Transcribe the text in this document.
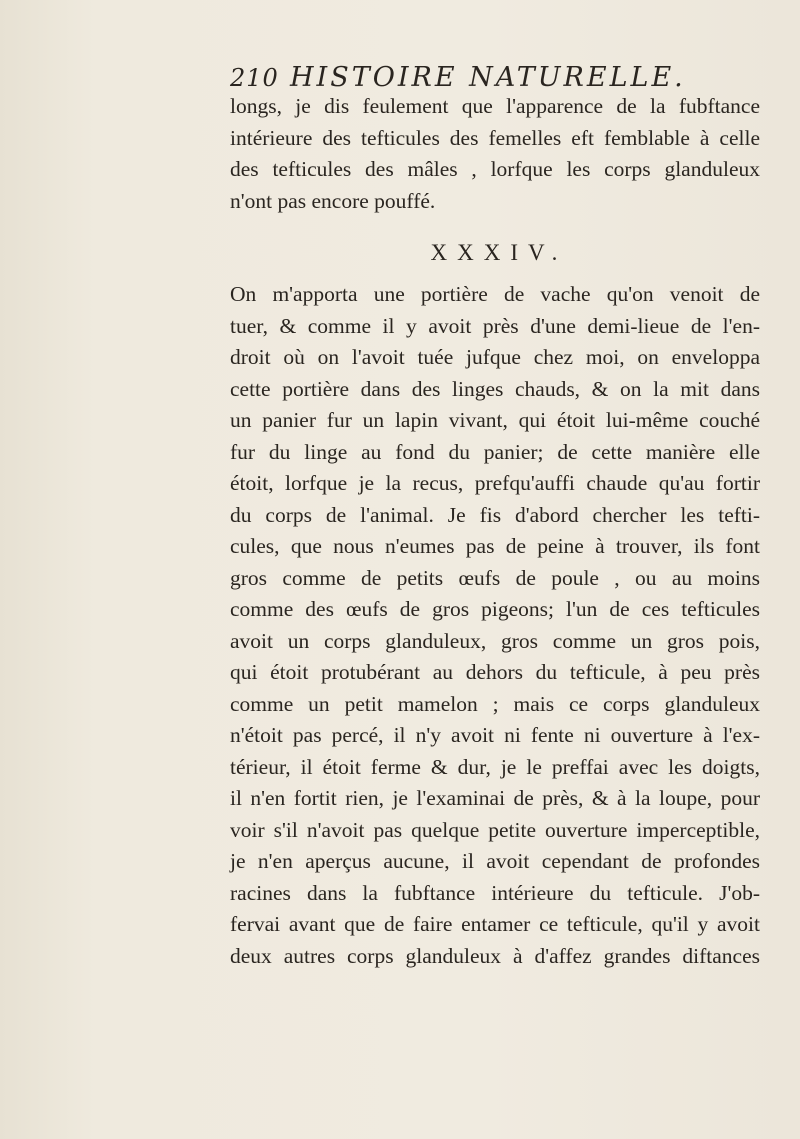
210 HISTOIRE NATURELLE.
longs, je dis feulement que l'apparence de la fubftance
intérieure des tefticules des femelles eft femblable à celle
des tefticules des mâles , lorfque les corps glanduleux
n'ont pas encore pouffé.
XXXIV.
On m'apporta une portière de vache qu'on venoit de
tuer, & comme il y avoit près d'une demi-lieue de l'en-
droit où on l'avoit tuée jufque chez moi, on enveloppa
cette portière dans des linges chauds, & on la mit dans
un panier fur un lapin vivant, qui étoit lui-même couché
fur du linge au fond du panier; de cette manière elle
étoit, lorfque je la recus, prefqu'auffi chaude qu'au fortir
du corps de l'animal. Je fis d'abord chercher les tefti-
cules, que nous n'eumes pas de peine à trouver, ils font
gros comme de petits œufs de poule , ou au moins
comme des œufs de gros pigeons; l'un de ces tefticules
avoit un corps glanduleux, gros comme un gros pois,
qui étoit protubérant au dehors du tefticule, à peu près
comme un petit mamelon ; mais ce corps glanduleux
n'étoit pas percé, il n'y avoit ni fente ni ouverture à l'ex-
térieur, il étoit ferme & dur, je le preffai avec les doigts,
il n'en fortit rien, je l'examinai de près, & à la loupe, pour
voir s'il n'avoit pas quelque petite ouverture imperceptible,
je n'en aperçus aucune, il avoit cependant de profondes
racines dans la fubftance intérieure du tefticule. J'ob-
fervai avant que de faire entamer ce tefticule, qu'il y avoit
deux autres corps glanduleux à d'affez grandes diftances
